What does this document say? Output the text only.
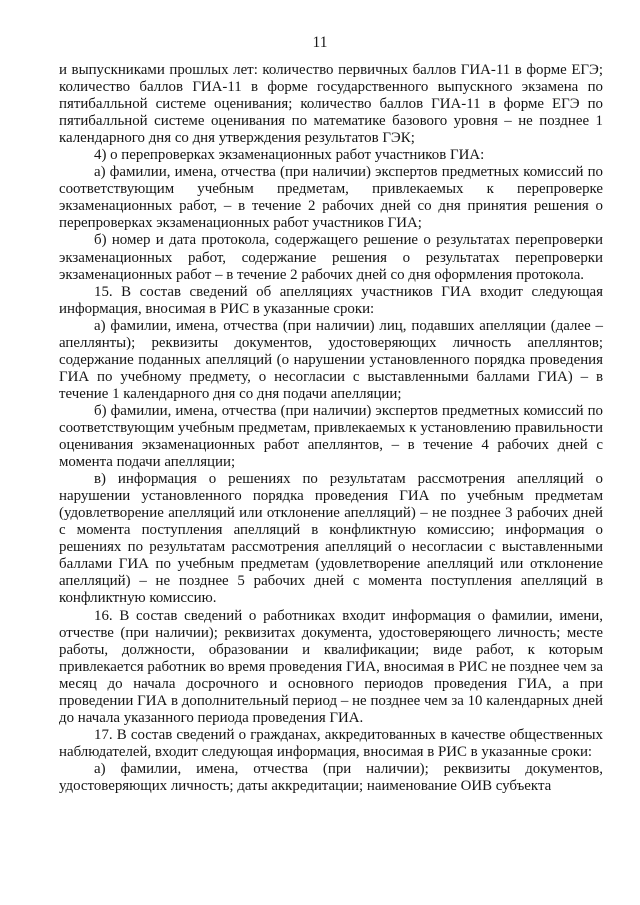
11

и выпускниками прошлых лет: количество первичных баллов ГИА-11 в форме ЕГЭ; количество баллов ГИА-11 в форме государственного выпускного экзамена по пятибалльной системе оценивания; количество баллов ГИА-11 в форме ЕГЭ по пятибалльной системе оценивания по математике базового уровня – не позднее 1 календарного дня со дня утверждения результатов ГЭК;

4) о перепроверках экзаменационных работ участников ГИА:

а) фамилии, имена, отчества (при наличии) экспертов предметных комиссий по соответствующим учебным предметам, привлекаемых к перепроверке экзаменационных работ, – в течение 2 рабочих дней со дня принятия решения о перепроверках экзаменационных работ участников ГИА;

б) номер и дата протокола, содержащего решение о результатах перепроверки экзаменационных работ, содержание решения о результатах перепроверки экзаменационных работ – в течение 2 рабочих дней со дня оформления протокола.

15. В состав сведений об апелляциях участников ГИА входит следующая информация, вносимая в РИС в указанные сроки:

а) фамилии, имена, отчества (при наличии) лиц, подавших апелляции (далее – апеллянты); реквизиты документов, удостоверяющих личность апеллянтов; содержание поданных апелляций (о нарушении установленного порядка проведения ГИА по учебному предмету, о несогласии с выставленными баллами ГИА) – в течение 1 календарного дня со дня подачи апелляции;

б) фамилии, имена, отчества (при наличии) экспертов предметных комиссий по соответствующим учебным предметам, привлекаемых к установлению правильности оценивания экзаменационных работ апеллянтов, – в течение 4 рабочих дней с момента подачи апелляции;

в) информация о решениях по результатам рассмотрения апелляций о нарушении установленного порядка проведения ГИА по учебным предметам (удовлетворение апелляций или отклонение апелляций) – не позднее 3 рабочих дней с момента поступления апелляций в конфликтную комиссию; информация о решениях по результатам рассмотрения апелляций о несогласии с выставленными баллами ГИА по учебным предметам (удовлетворение апелляций или отклонение апелляций) – не позднее 5 рабочих дней с момента поступления апелляций в конфликтную комиссию.

16. В состав сведений о работниках входит информация о фамилии, имени, отчестве (при наличии); реквизитах документа, удостоверяющего личность; месте работы, должности, образовании и квалификации; виде работ, к которым привлекается работник во время проведения ГИА, вносимая в РИС не позднее чем за месяц до начала досрочного и основного периодов проведения ГИА, а при проведении ГИА в дополнительный период – не позднее чем за 10 календарных дней до начала указанного периода проведения ГИА.

17. В состав сведений о гражданах, аккредитованных в качестве общественных наблюдателей, входит следующая информация, вносимая в РИС в указанные сроки:

а) фамилии, имена, отчества (при наличии); реквизиты документов, удостоверяющих личность; даты аккредитации; наименование ОИВ субъекта
